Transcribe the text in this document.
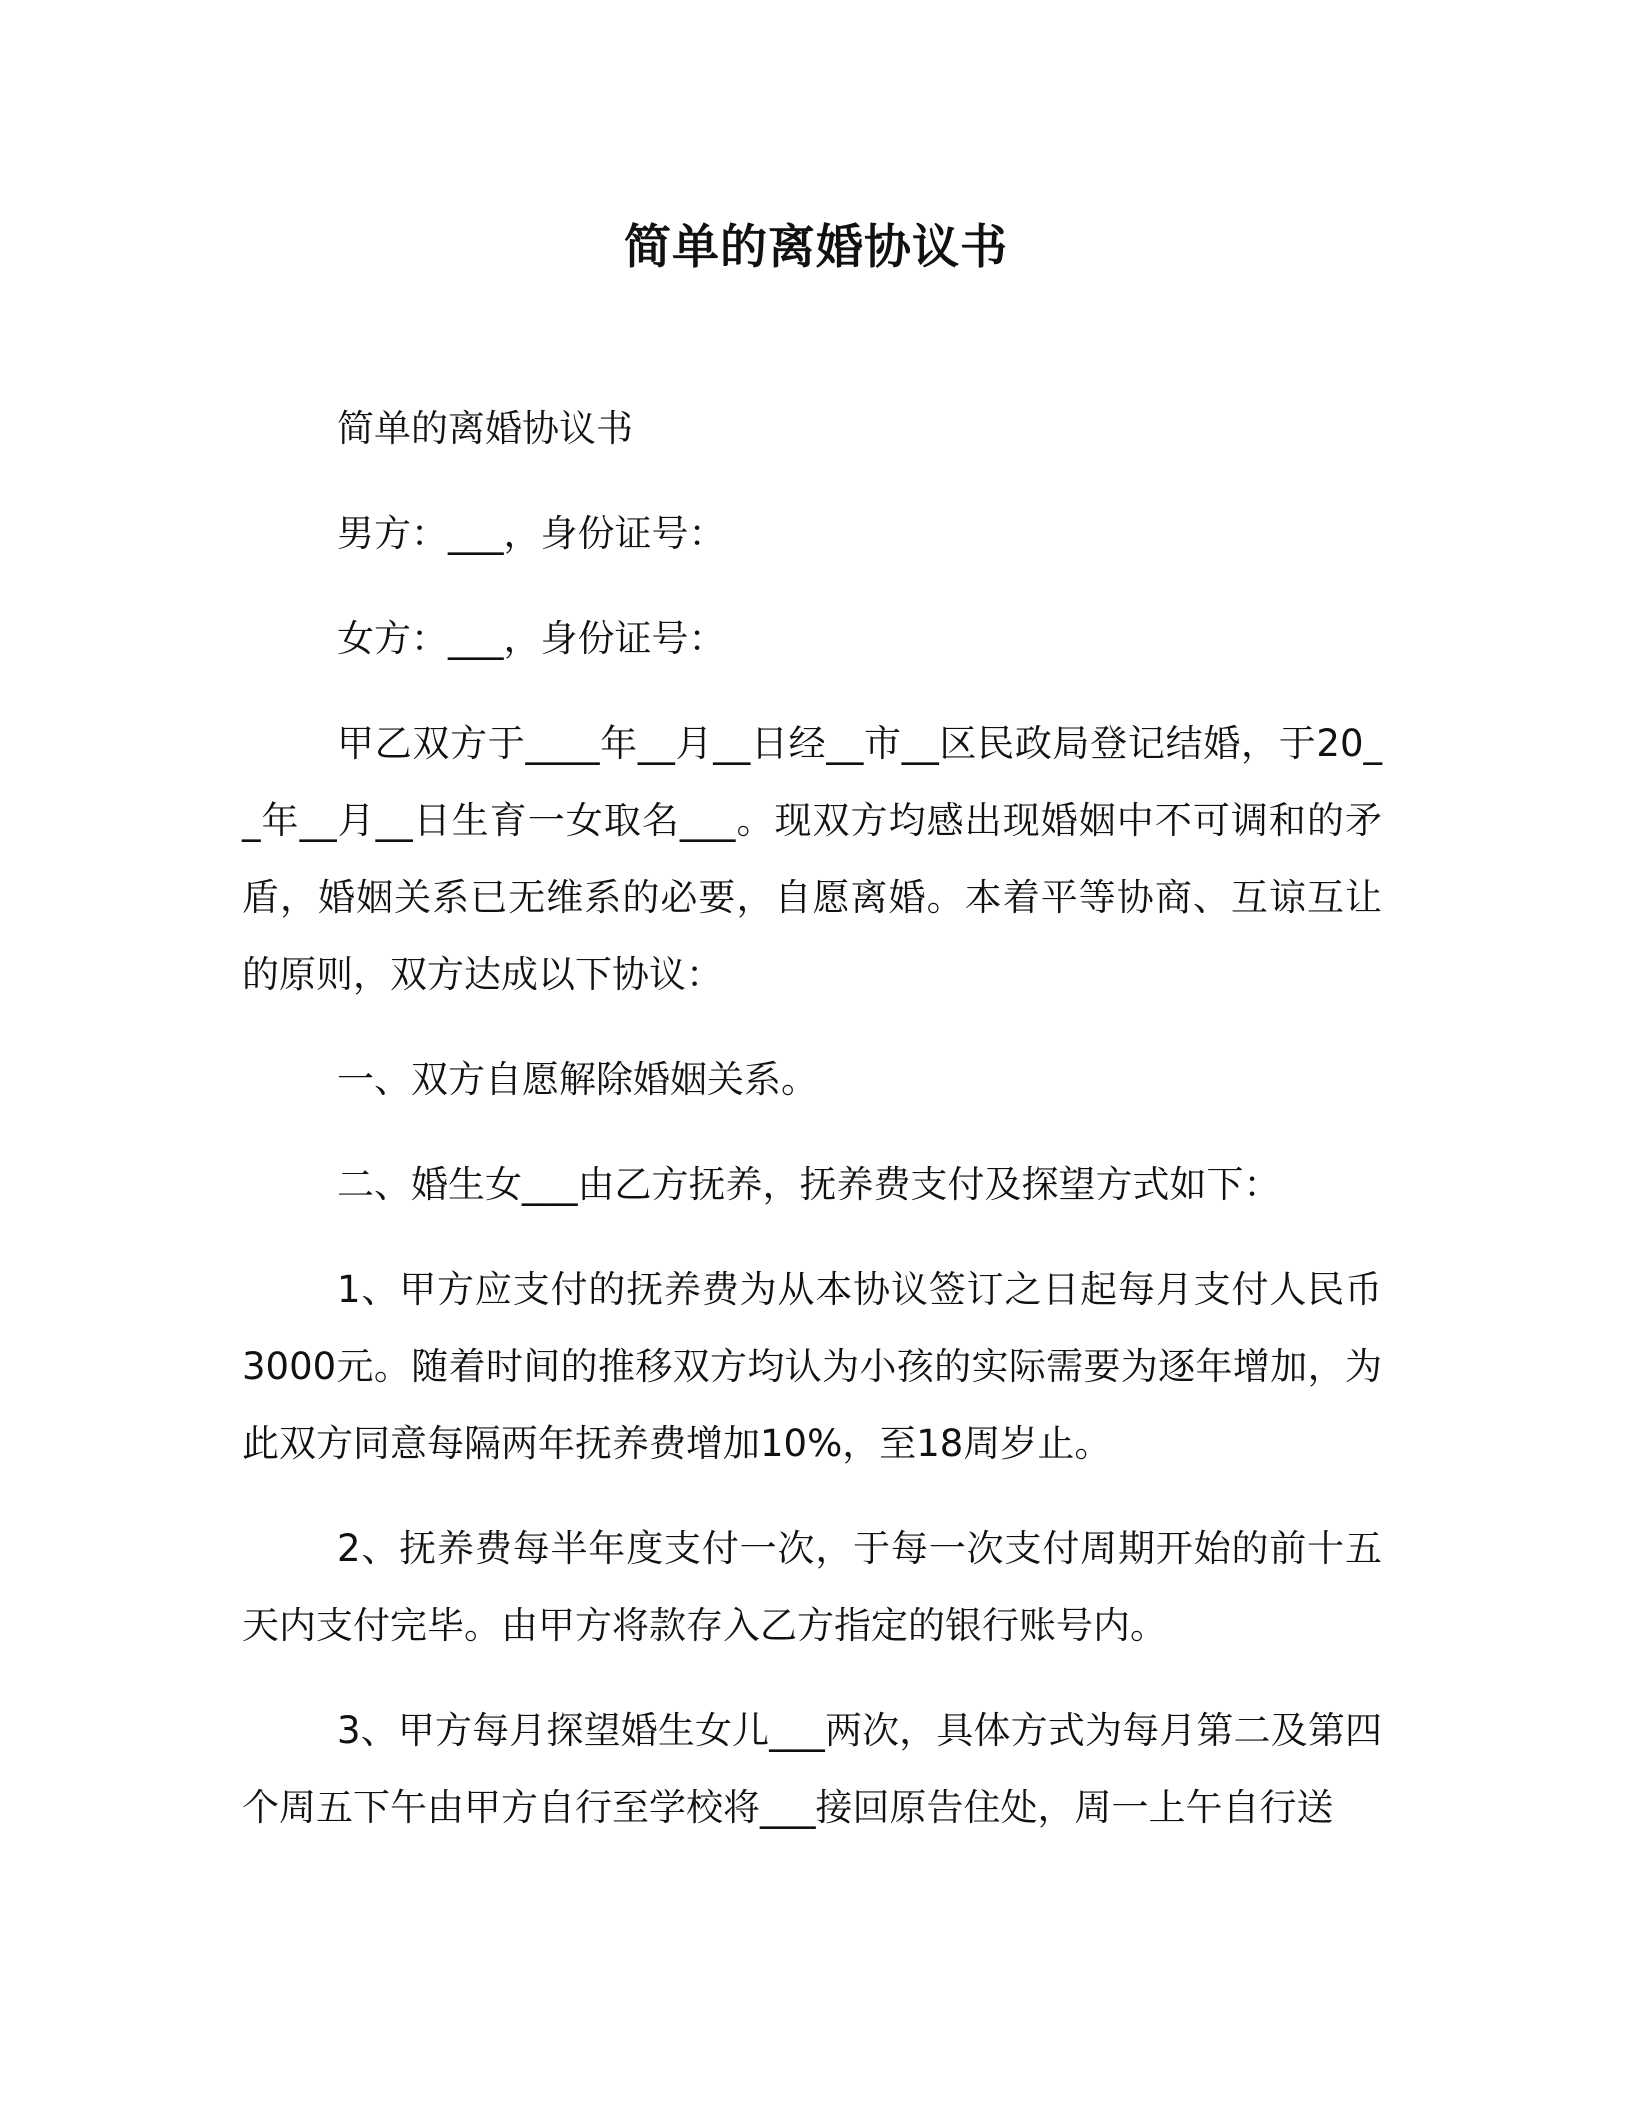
简单的离婚协议书

简单的离婚协议书

男方：___，身份证号：

女方：___，身份证号：

甲乙双方于____年__月__日经__市__区民政局登记结婚，于20__年__月__日生育一女取名___。现双方均感出现婚姻中不可调和的矛盾，婚姻关系已无维系的必要，自愿离婚。本着平等协商、互谅互让的原则，双方达成以下协议：

一、双方自愿解除婚姻关系。

二、婚生女___由乙方抚养，抚养费支付及探望方式如下：

1、甲方应支付的抚养费为从本协议签订之日起每月支付人民币3000元。随着时间的推移双方均认为小孩的实际需要为逐年增加，为此双方同意每隔两年抚养费增加10%，至18周岁止。

2、抚养费每半年度支付一次，于每一次支付周期开始的前十五天内支付完毕。由甲方将款存入乙方指定的银行账号内。

3、甲方每月探望婚生女儿___两次，具体方式为每月第二及第四个周五下午由甲方自行至学校将___接回原告住处，周一上午自行送
